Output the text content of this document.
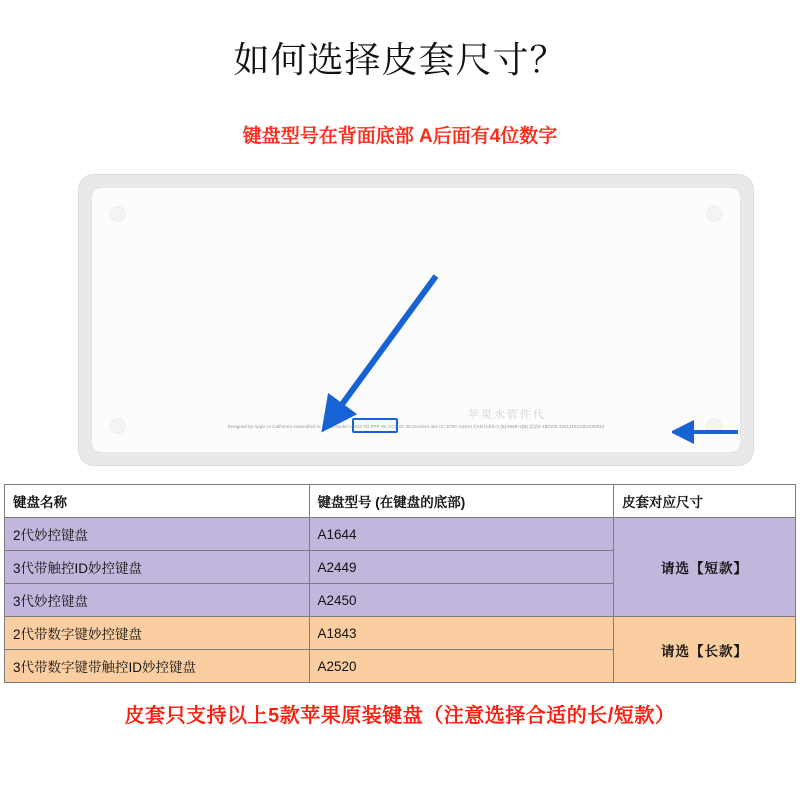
如何选择皮套尺寸？
键盘型号在背面底部 A后面有4位数字
苹果水管件代
Designed by Apple in California Assembled in China Model A1644 Tel PPP HK FCC ID: BCGA1644 anz IC: 579C-A1644 CAN ICES-3 (B)/NMB-3(B) 語語3-150100 330121021001530042
键盘名称	键盘型号 (在键盘的底部)	皮套对应尺寸
2代妙控键盘	A1644	请选【短款】
3代带触控ID妙控键盘	A2449	
3代妙控键盘	A2450	
2代带数字键妙控键盘	A1843	请选【长款】
3代带数字键带触控ID妙控键盘	A2520	
皮套只支持以上5款苹果原装键盘（注意选择合适的长/短款）
